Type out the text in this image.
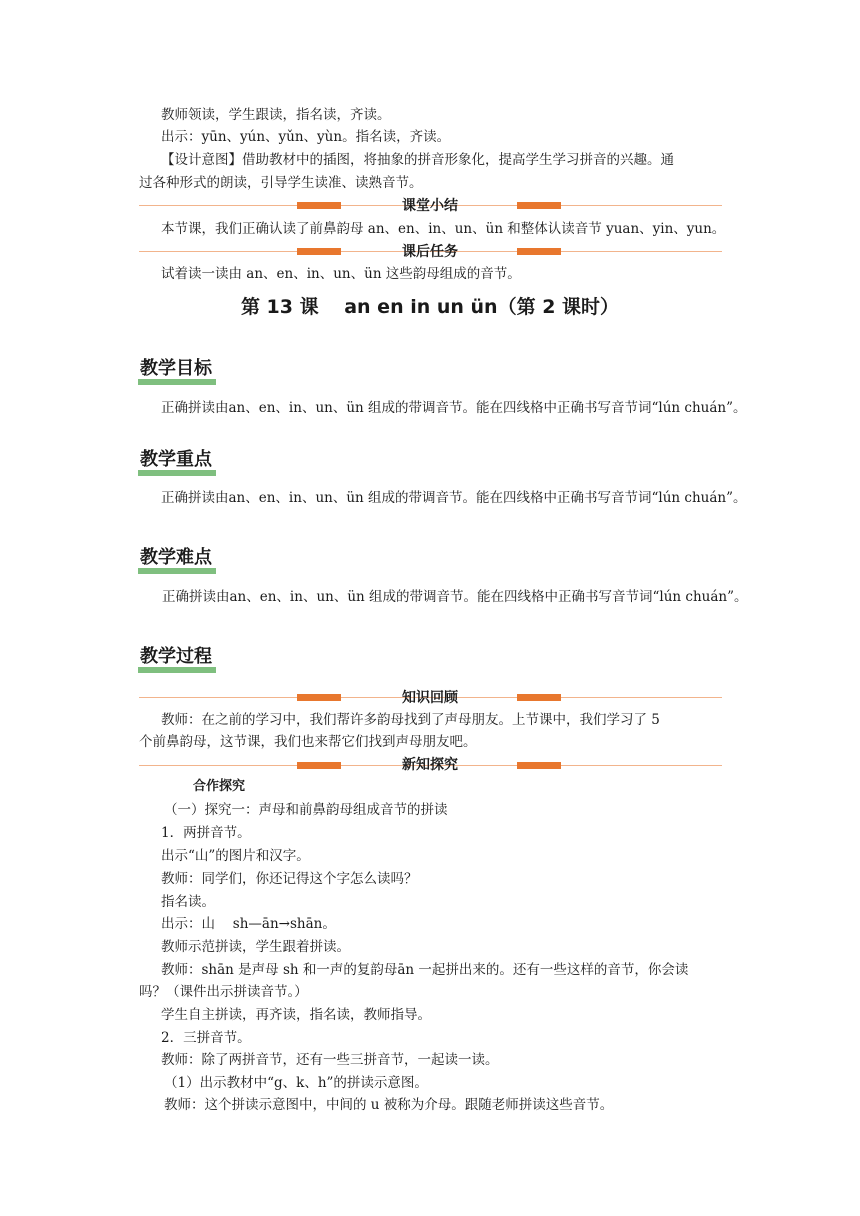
教师领读，学生跟读，指名读，齐读。
出示：yūn、yún、yǔn、yùn。指名读，齐读。
【设计意图】借助教材中的插图，将抽象的拼音形象化，提高学生学习拼音的兴趣。通
过各种形式的朗读，引导学生读准、读熟音节。
课堂小结
本节课，我们正确认读了前鼻韵母 an、en、in、un、ün 和整体认读音节 yuan、yin、yun。
课后任务
试着读一读由 an、en、in、un、ün 这些韵母组成的音节。
第 13 课　 an en in un ün（第 2 课时）
教学目标
正确拼读由an、en、in、un、ün 组成的带调音节。能在四线格中正确书写音节词“lún chuán”。
教学重点
正确拼读由an、en、in、un、ün 组成的带调音节。能在四线格中正确书写音节词“lún chuán”。
教学难点
正确拼读由an、en、in、un、ün 组成的带调音节。能在四线格中正确书写音节词“lún chuán”。
教学过程
知识回顾
教师：在之前的学习中，我们帮许多韵母找到了声母朋友。上节课中，我们学习了 5
个前鼻韵母，这节课，我们也来帮它们找到声母朋友吧。
新知探究
合作探究
（一）探究一：声母和前鼻韵母组成音节的拼读
1．两拼音节。
出示“山”的图片和汉字。
教师：同学们，你还记得这个字怎么读吗？
指名读。
出示：山　 sh—ān→shān。
教师示范拼读，学生跟着拼读。
教师：shān 是声母 sh 和一声的复韵母ān 一起拼出来的。还有一些这样的音节，你会读
吗？（课件出示拼读音节。）
学生自主拼读，再齐读，指名读，教师指导。
2．三拼音节。
教师：除了两拼音节，还有一些三拼音节，一起读一读。
（1）出示教材中“g、k、h”的拼读示意图。
教师：这个拼读示意图中，中间的 u 被称为介母。跟随老师拼读这些音节。
